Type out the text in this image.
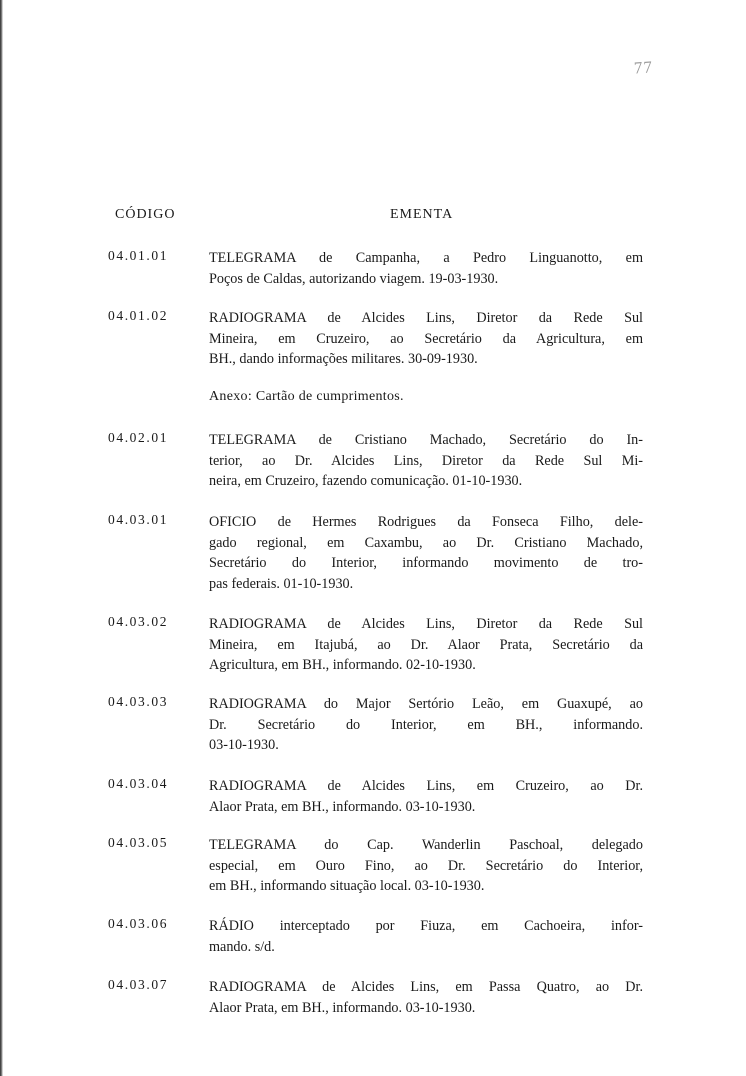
77
CÓDIGO	EMENTA
04.01.01	TELEGRAMA de Campanha, a Pedro Linguanotto, em
Poços de Caldas, autorizando viagem. 19-03-1930.
04.01.02	RADIOGRAMA de Alcides Lins, Diretor da Rede Sul
Mineira, em Cruzeiro, ao Secretário da Agricultura, em
BH., dando informações militares. 30-09-1930.
Anexo: Cartão de cumprimentos.
04.02.01	TELEGRAMA de Cristiano Machado, Secretário do In-
terior, ao Dr. Alcides Lins, Diretor da Rede Sul Mi-
neira, em Cruzeiro, fazendo comunicação. 01-10-1930.
04.03.01	OFICIO de Hermes Rodrigues da Fonseca Filho, dele-
gado regional, em Caxambu, ao Dr. Cristiano Machado,
Secretário do Interior, informando movimento de tro-
pas federais. 01-10-1930.
04.03.02	RADIOGRAMA de Alcides Lins, Diretor da Rede Sul
Mineira, em Itajubá, ao Dr. Alaor Prata, Secretário da
Agricultura, em BH., informando. 02-10-1930.
04.03.03	RADIOGRAMA do Major Sertório Leão, em Guaxupé, ao
Dr. Secretário do Interior, em BH., informando.
03-10-1930.
04.03.04	RADIOGRAMA de Alcides Lins, em Cruzeiro, ao Dr.
Alaor Prata, em BH., informando. 03-10-1930.
04.03.05	TELEGRAMA do Cap. Wanderlin Paschoal, delegado
especial, em Ouro Fino, ao Dr. Secretário do Interior,
em BH., informando situação local. 03-10-1930.
04.03.06	RÁDIO interceptado por Fiuza, em Cachoeira, infor-
mando. s/d.
04.03.07	RADIOGRAMA de Alcides Lins, em Passa Quatro, ao Dr.
Alaor Prata, em BH., informando. 03-10-1930.
